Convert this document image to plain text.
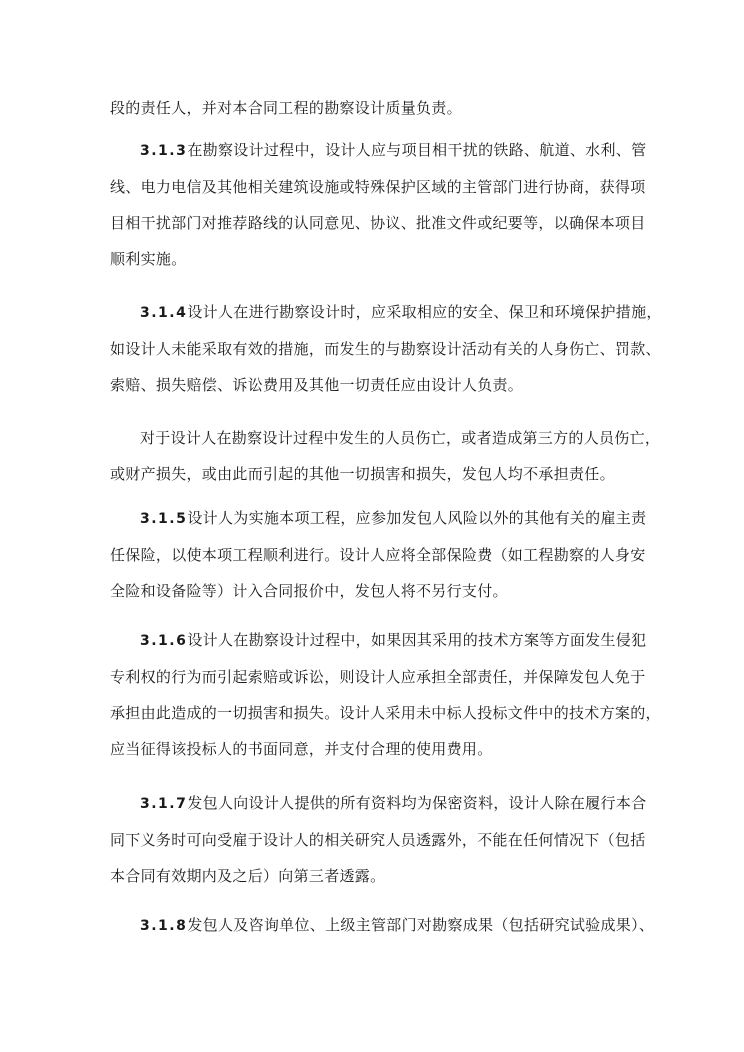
段的责任人，并对本合同工程的勘察设计质量负责。

3.1.3在勘察设计过程中，设计人应与项目相干扰的铁路、航道、水利、管
线、电力电信及其他相关建筑设施或特殊保护区域的主管部门进行协商，获得项
目相干扰部门对推荐路线的认同意见、协议、批准文件或纪要等，以确保本项目
顺利实施。

3.1.4设计人在进行勘察设计时，应采取相应的安全、保卫和环境保护措施，
如设计人未能采取有效的措施，而发生的与勘察设计活动有关的人身伤亡、罚款、
索赔、损失赔偿、诉讼费用及其他一切责任应由设计人负责。

对于设计人在勘察设计过程中发生的人员伤亡，或者造成第三方的人员伤亡，
或财产损失，或由此而引起的其他一切损害和损失，发包人均不承担责任。

3.1.5设计人为实施本项工程，应参加发包人风险以外的其他有关的雇主责
任保险，以使本项工程顺利进行。设计人应将全部保险费（如工程勘察的人身安
全险和设备险等）计入合同报价中，发包人将不另行支付。

3.1.6设计人在勘察设计过程中，如果因其采用的技术方案等方面发生侵犯
专利权的行为而引起索赔或诉讼，则设计人应承担全部责任，并保障发包人免于
承担由此造成的一切损害和损失。设计人采用未中标人投标文件中的技术方案的，
应当征得该投标人的书面同意，并支付合理的使用费用。

3.1.7发包人向设计人提供的所有资料均为保密资料，设计人除在履行本合
同下义务时可向受雇于设计人的相关研究人员透露外，不能在任何情况下（包括
本合同有效期内及之后）向第三者透露。

3.1.8发包人及咨询单位、上级主管部门对勘察成果（包括研究试验成果）、
